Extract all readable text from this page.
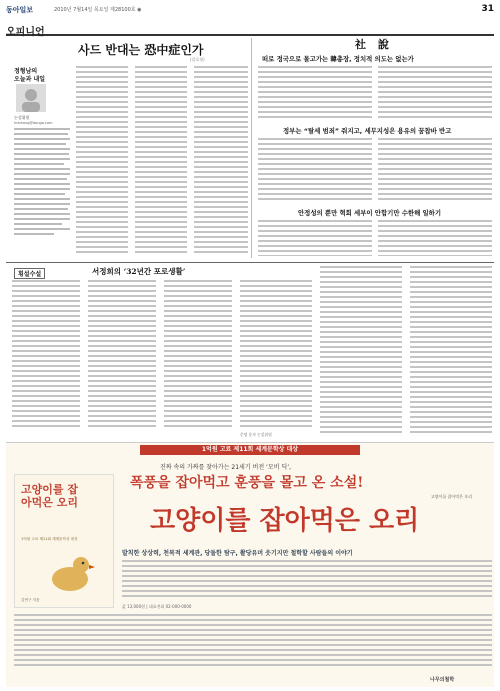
동아일보	2010년 7월14일 목요일 제28100호 ◉	31
오피니언
사드 반대는 恐中症인가
(괄호형)
정형남의
오늘과 내일
논설위원
hnbhong@donga.com
社 說
떠로 정국으로 몰고가는 韓총장, 정치적 의도는 없는가
정부는 “탈세 범죄” 줘지고, 세무지성은 용유의 꿈찹바 반고
안정성의 뿐만 혁회 세부이 안합기만 수한해 일하기
횡설수설	서정희의 ‘32년간 포로생활’
문명 종자 논설위원
1억원 고료 제11회 세계문학상 대상
진짜 속의 가짜를 찾아가는 21세기 버전 ‘모비 딕’,
폭풍을 잡아먹고 훈풍을 몰고 온 소설!
고양이를 잡아먹은 오리
1억원 고료 제11회 세계문학상 대상
김연구 지음
고양이를 잡아먹은 오리
고양이를 잡아먹은 오리
발칙한 상상력, 천복적 세계관, 당돌한 탐구, 촬당유머 웃기지만 철학할 사람들의 이야기
값 13,000원 | 대표전화 02-000-0000
나무의철학
